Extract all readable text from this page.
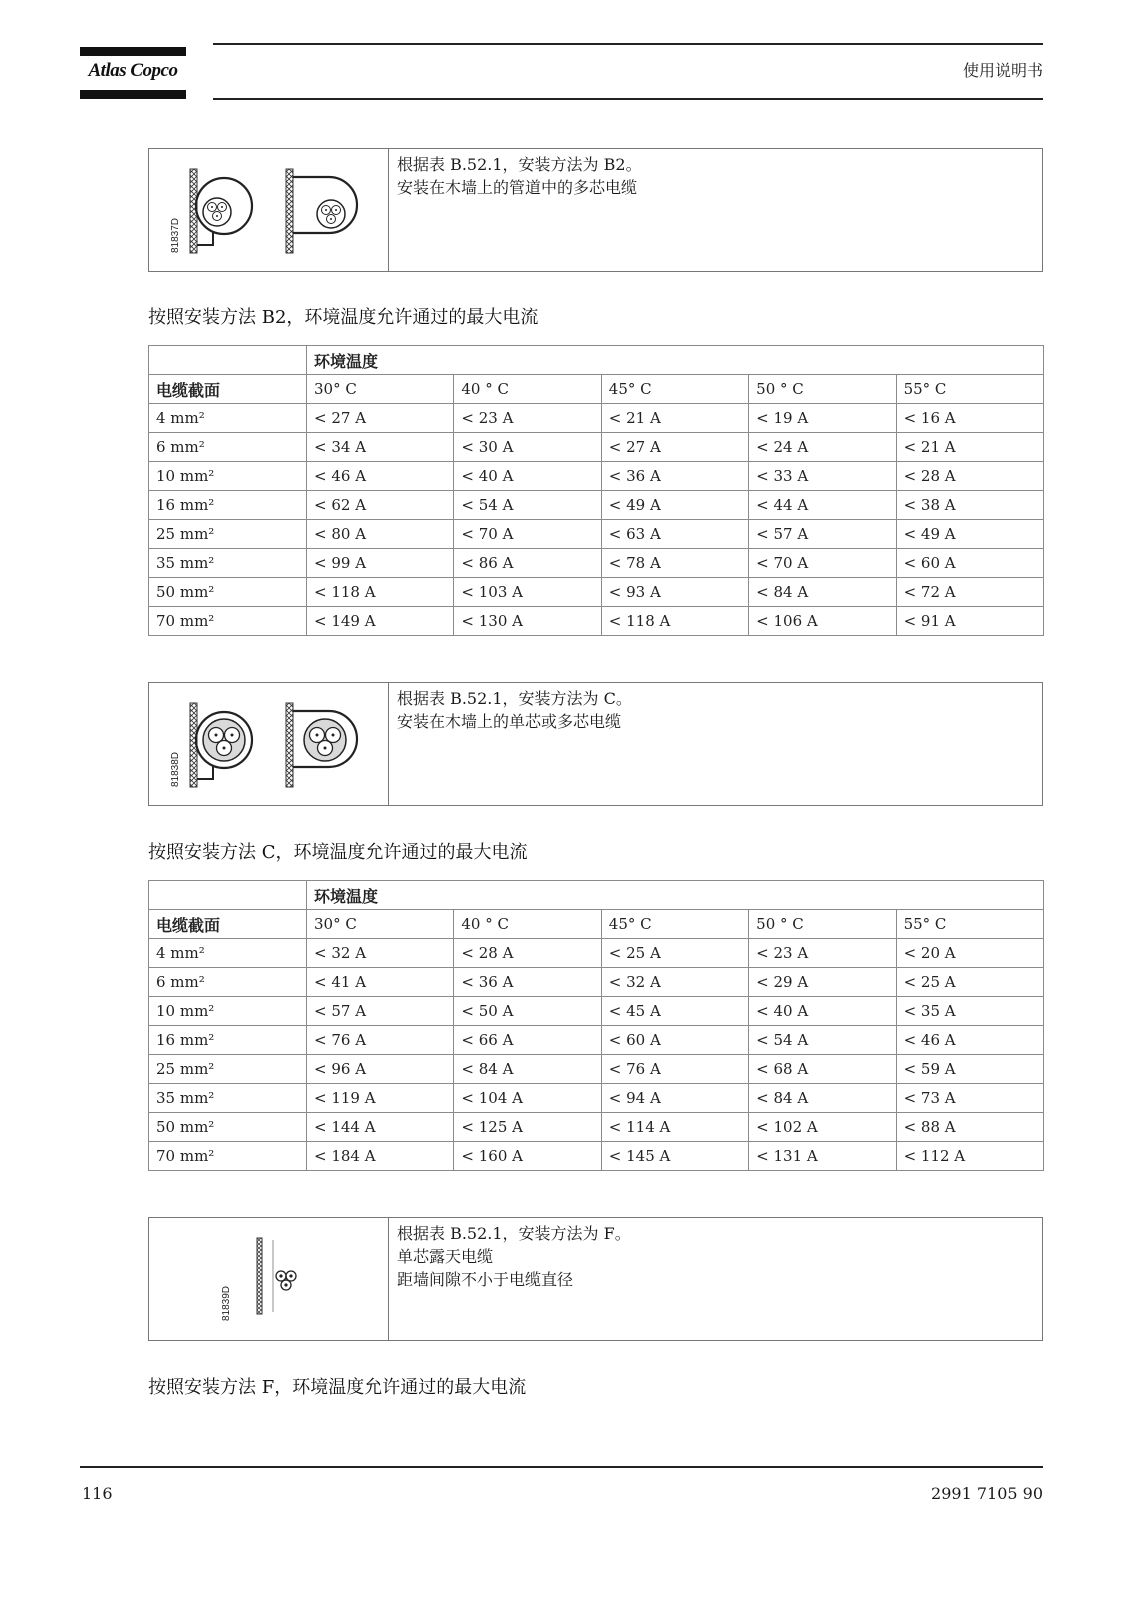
Atlas Copco	使用说明书
81837D
根据表 B.52.1，安装方法为 B2。
安装在木墙上的管道中的多芯电缆
按照安装方法 B2，环境温度允许通过的最大电流
	环境温度				
电缆截面	30° C	40 ° C	45° C	50 ° C	55° C
4 mm²	< 27 A	< 23 A	< 21 A	< 19 A	< 16 A
6 mm²	< 34 A	< 30 A	< 27 A	< 24 A	< 21 A
10 mm²	< 46 A	< 40 A	< 36 A	< 33 A	< 28 A
16 mm²	< 62 A	< 54 A	< 49 A	< 44 A	< 38 A
25 mm²	< 80 A	< 70 A	< 63 A	< 57 A	< 49 A
35 mm²	< 99 A	< 86 A	< 78 A	< 70 A	< 60 A
50 mm²	< 118 A	< 103 A	< 93 A	< 84 A	< 72 A
70 mm²	< 149 A	< 130 A	< 118 A	< 106 A	< 91 A
81838D
根据表 B.52.1，安装方法为 C。
安装在木墙上的单芯或多芯电缆
按照安装方法 C，环境温度允许通过的最大电流
	环境温度				
电缆截面	30° C	40 ° C	45° C	50 ° C	55° C
4 mm²	< 32 A	< 28 A	< 25 A	< 23 A	< 20 A
6 mm²	< 41 A	< 36 A	< 32 A	< 29 A	< 25 A
10 mm²	< 57 A	< 50 A	< 45 A	< 40 A	< 35 A
16 mm²	< 76 A	< 66 A	< 60 A	< 54 A	< 46 A
25 mm²	< 96 A	< 84 A	< 76 A	< 68 A	< 59 A
35 mm²	< 119 A	< 104 A	< 94 A	< 84 A	< 73 A
50 mm²	< 144 A	< 125 A	< 114 A	< 102 A	< 88 A
70 mm²	< 184 A	< 160 A	< 145 A	< 131 A	< 112 A
81839D
根据表 B.52.1，安装方法为 F。
单芯露天电缆
距墙间隙不小于电缆直径
按照安装方法 F，环境温度允许通过的最大电流
116	2991 7105 90
